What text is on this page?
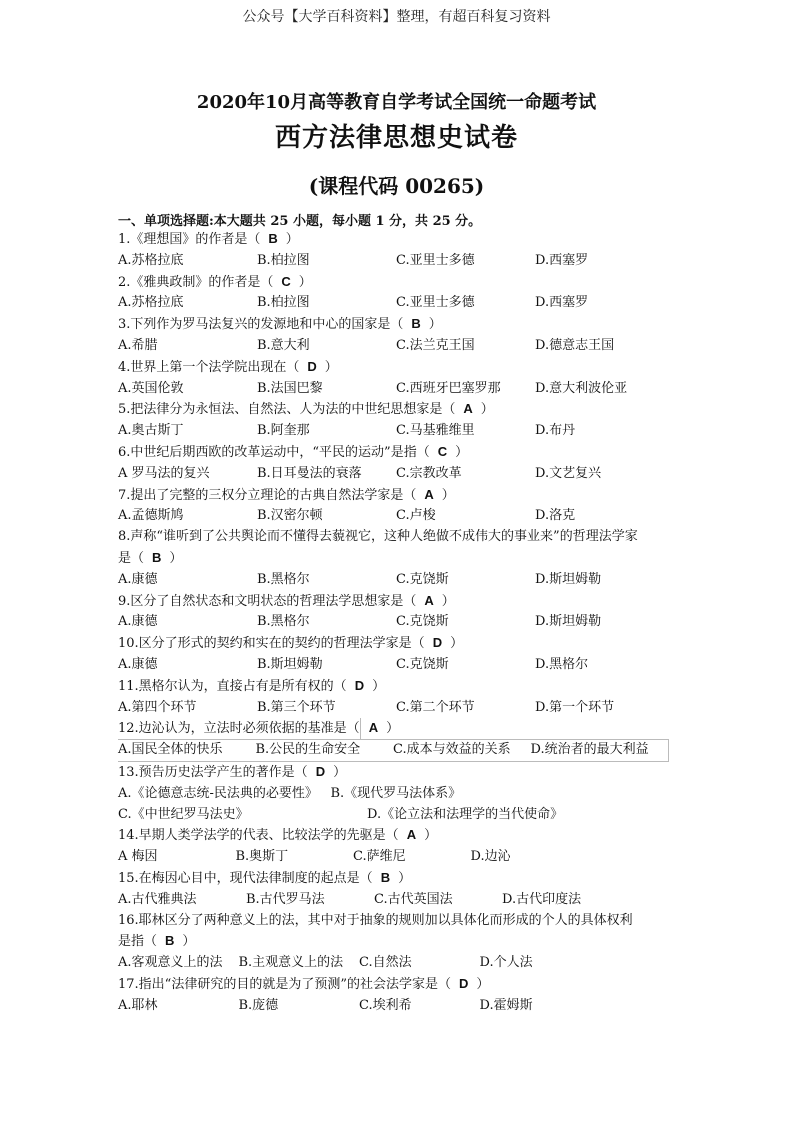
公众号【大学百科资料】整理，有超百科复习资料
2020年10月高等教育自学考试全国统一命题考试
西方法律思想史试卷
(课程代码 00265)
一、单项选择题:本大题共 25 小题，每小题 1 分，共 25 分。
1.《理想国》的作者是（ B ）
A.苏格拉底	B.柏拉图	C.亚里士多德	D.西塞罗
2.《雅典政制》的作者是（ C ）
A.苏格拉底	B.柏拉图	C.亚里士多德	D.西塞罗
3.下列作为罗马法复兴的发源地和中心的国家是（ B ）
A.希腊	B.意大利	C.法兰克王国	D.德意志王国
4.世界上第一个法学院出现在（ D ）
A.英国伦敦	B.法国巴黎	C.西班牙巴塞罗那	D.意大利波伦亚
5.把法律分为永恒法、自然法、人为法的中世纪思想家是（ A ）
A.奥古斯丁	B.阿奎那	C.马基雅维里	D.布丹
6.中世纪后期西欧的改革运动中，“平民的运动”是指（ C ）
A 罗马法的复兴	B.日耳曼法的衰落	C.宗教改革	D.文艺复兴
7.提出了完整的三权分立理论的古典自然法学家是（ A ）
A.孟德斯鸠	B.汉密尔顿	C.卢梭	D.洛克
8.声称“谁听到了公共舆论而不懂得去藐视它，这种人绝做不成伟大的事业来”的哲理法学家
是（ B ）
A.康德	B.黑格尔	C.克饶斯	D.斯坦姆勒
9.区分了自然状态和文明状态的哲理法学思想家是（ A ）
A.康德	B.黑格尔	C.克饶斯	D.斯坦姆勒
10.区分了形式的契约和实在的契约的哲理法学家是（ D ）
A.康德	B.斯坦姆勒	C.克饶斯	D.黑格尔
11.黑格尔认为，直接占有是所有权的（ D ）
A.第四个环节	B.第三个环节	C.第二个环节	D.第一个环节
12.边沁认为，立法时必须依据的基准是（ A ）
A.国民全体的快乐	B.公民的生命安全	C.成本与效益的关系	D.统治者的最大利益
13.预告历史法学产生的著作是（ D ）
A.《论德意志统-民法典的必要性》 B.《现代罗马法体系》
C.《中世纪罗马法史》	D.《论立法和法理学的当代使命》
14.早期人类学法学的代表、比较法学的先驱是（ A ）
A 梅因	B.奥斯丁	C.萨维尼	D.边沁
15.在梅因心目中，现代法律制度的起点是（ B ）
A.古代雅典法	B.古代罗马法	C.古代英国法	D.古代印度法
16.耶林区分了两种意义上的法，其中对于抽象的规则加以具体化而形成的个人的具体权利
是指（ B ）
A.客观意义上的法	B.主观意义上的法	C.自然法	D.个人法
17.指出“法律研究的目的就是为了预测”的社会法学家是（ D ）
A.耶林	B.庞德	C.埃利希	D.霍姆斯
